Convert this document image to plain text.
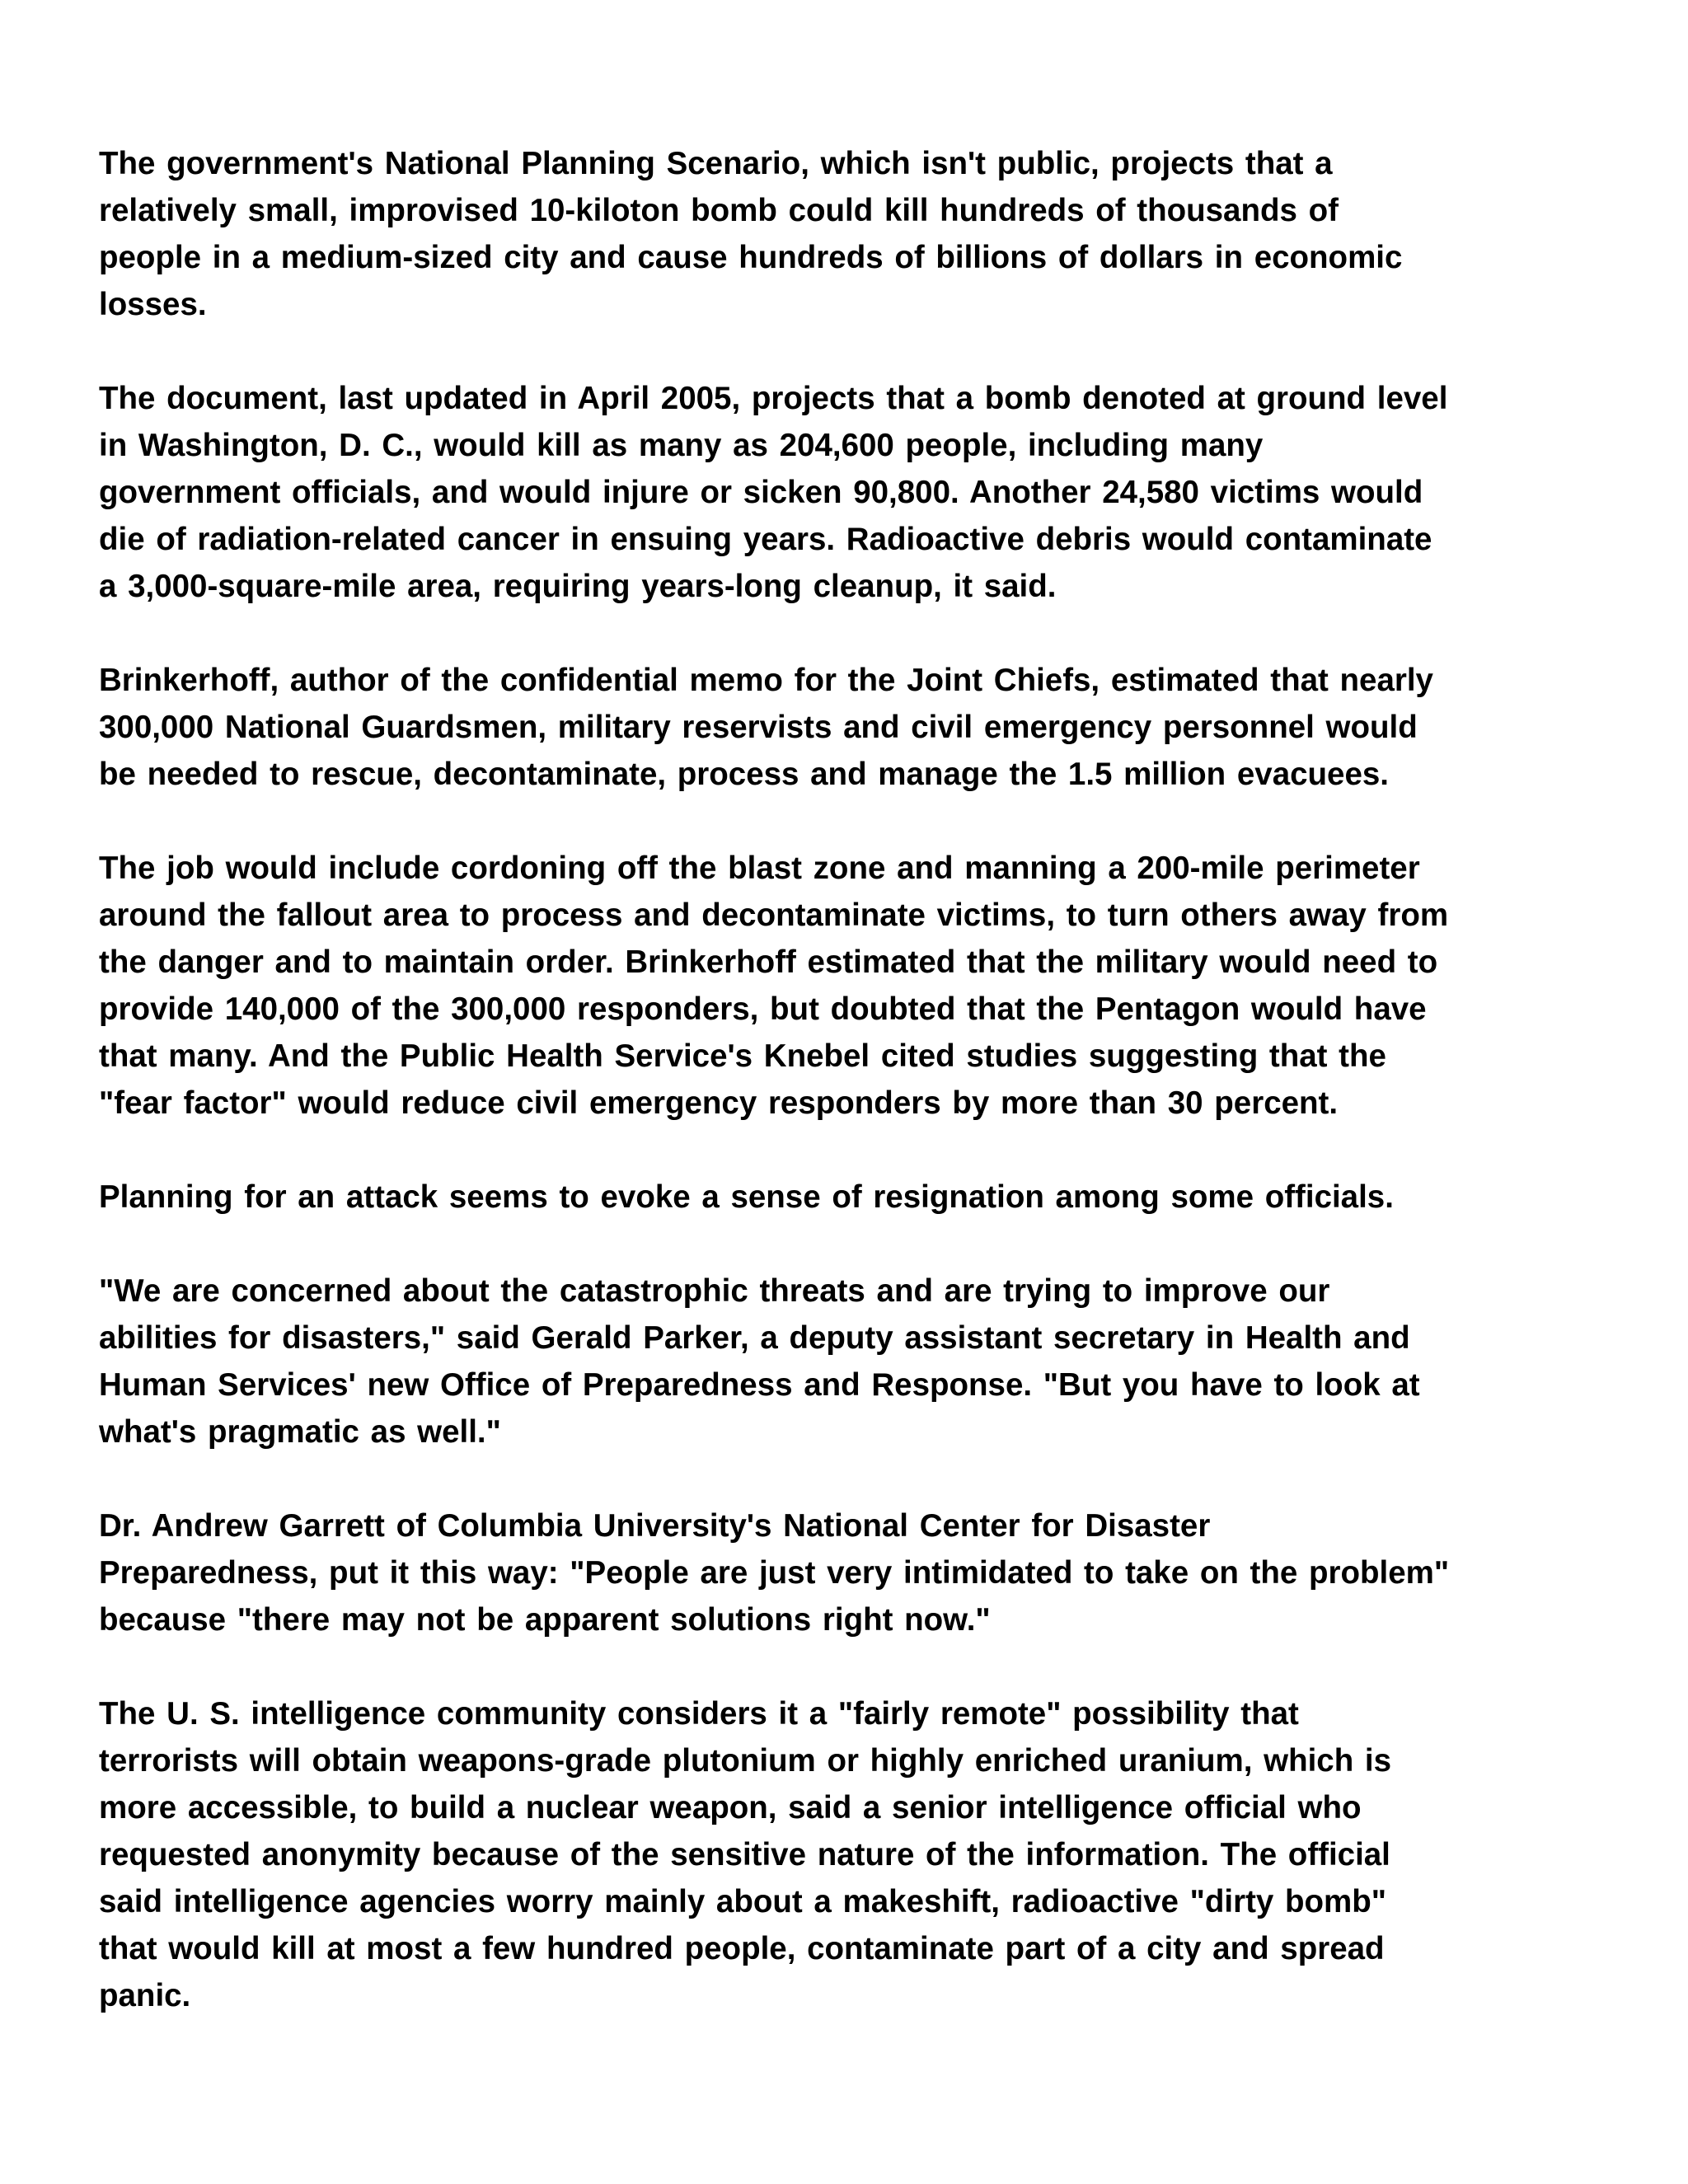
The government's National Planning Scenario, which isn't public, projects that a
relatively small, improvised 10-kiloton bomb could kill hundreds of thousands of
people in a medium-sized city and cause hundreds of billions of dollars in economic
losses.

The document, last updated in April 2005, projects that a bomb denoted at ground level
in Washington, D. C., would kill as many as 204,600 people, including many
government officials, and would injure or sicken 90,800. Another 24,580 victims would
die of radiation-related cancer in ensuing years. Radioactive debris would contaminate
a 3,000-square-mile area, requiring years-long cleanup, it said.

Brinkerhoff, author of the confidential memo for the Joint Chiefs, estimated that nearly
300,000 National Guardsmen, military reservists and civil emergency personnel would
be needed to rescue, decontaminate, process and manage the 1.5 million evacuees.

The job would include cordoning off the blast zone and manning a 200-mile perimeter
around the fallout area to process and decontaminate victims, to turn others away from
the danger and to maintain order. Brinkerhoff estimated that the military would need to
provide 140,000 of the 300,000 responders, but doubted that the Pentagon would have
that many. And the Public Health Service's Knebel cited studies suggesting that the
"fear factor" would reduce civil emergency responders by more than 30 percent.

Planning for an attack seems to evoke a sense of resignation among some officials.

"We are concerned about the catastrophic threats and are trying to improve our
abilities for disasters," said Gerald Parker, a deputy assistant secretary in Health and
Human Services' new Office of Preparedness and Response. "But you have to look at
what's pragmatic as well."

Dr. Andrew Garrett of Columbia University's National Center for Disaster
Preparedness, put it this way: "People are just very intimidated to take on the problem"
because "there may not be apparent solutions right now."

The U. S. intelligence community considers it a "fairly remote" possibility that
terrorists will obtain weapons-grade plutonium or highly enriched uranium, which is
more accessible, to build a nuclear weapon, said a senior intelligence official who
requested anonymity because of the sensitive nature of the information. The official
said intelligence agencies worry mainly about a makeshift, radioactive "dirty bomb"
that would kill at most a few hundred people, contaminate part of a city and spread
panic.
